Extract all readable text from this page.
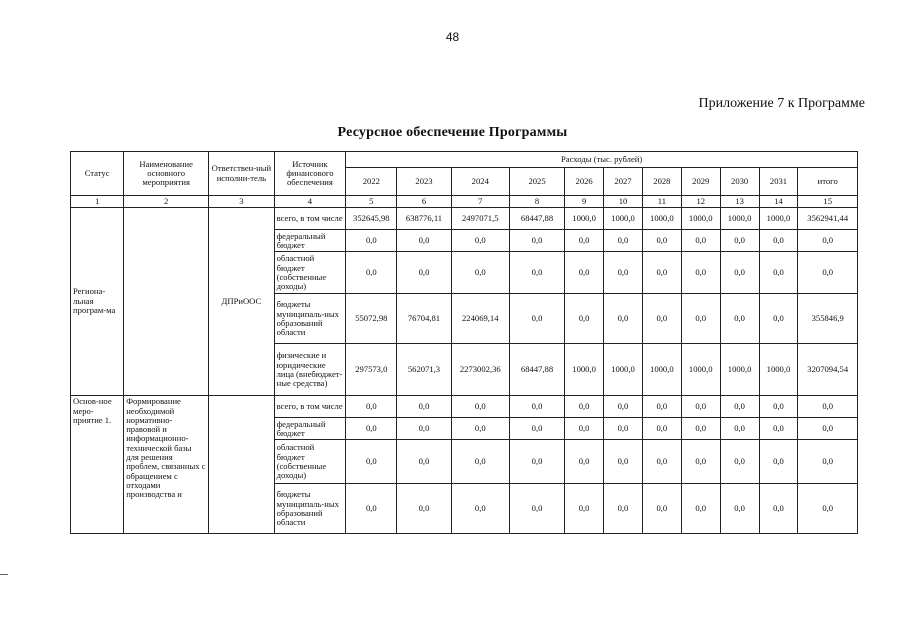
48
Приложение 7 к Программе
Ресурсное обеспечение Программы
Статус	Наименование основного мероприятия	Ответствен-ный исполни-тель	Источник финансового обеспечения	Расходы (тыс. рублей)										
				2022	2023	2024	2025	2026	2027	2028	2029	2030	2031	итого
1	2	3	4	5	6	7	8	9	10	11	12	13	14	15
Регионa-льная програм-ма		ДПРиООС	всего, в том числе	352645,98	638776,11	2497071,5	68447,88	1000,0	1000,0	1000,0	1000,0	1000,0	1000,0	3562941,44
			федеральный бюджет	0,0	0,0	0,0	0,0	0,0	0,0	0,0	0,0	0,0	0,0	0,0
			областной бюджет (собственные доходы)	0,0	0,0	0,0	0,0	0,0	0,0	0,0	0,0	0,0	0,0	0,0
			бюджеты муниципаль-ных образований области	55072,98	76704,81	224069,14	0,0	0,0	0,0	0,0	0,0	0,0	0,0	355846,9
			физические и юридические лица (внебюджет-ные средства)	297573,0	562071,3	2273002,36	68447,88	1000,0	1000,0	1000,0	1000,0	1000,0	1000,0	3207094,54
Основ-ное меро-приятие 1.	Формирование необходимой нормативно-правовой и информационно-технической базы для решения проблем, связанных с обращением с отходами производства и		всего, в том числе	0,0	0,0	0,0	0,0	0,0	0,0	0,0	0,0	0,0	0,0	0,0
			федеральный бюджет	0,0	0,0	0,0	0,0	0,0	0,0	0,0	0,0	0,0	0,0	0,0
			областной бюджет (собственные доходы)	0,0	0,0	0,0	0,0	0,0	0,0	0,0	0,0	0,0	0,0	0,0
			бюджеты муниципаль-ных образований области	0,0	0,0	0,0	0,0	0,0	0,0	0,0	0,0	0,0	0,0	0,0
